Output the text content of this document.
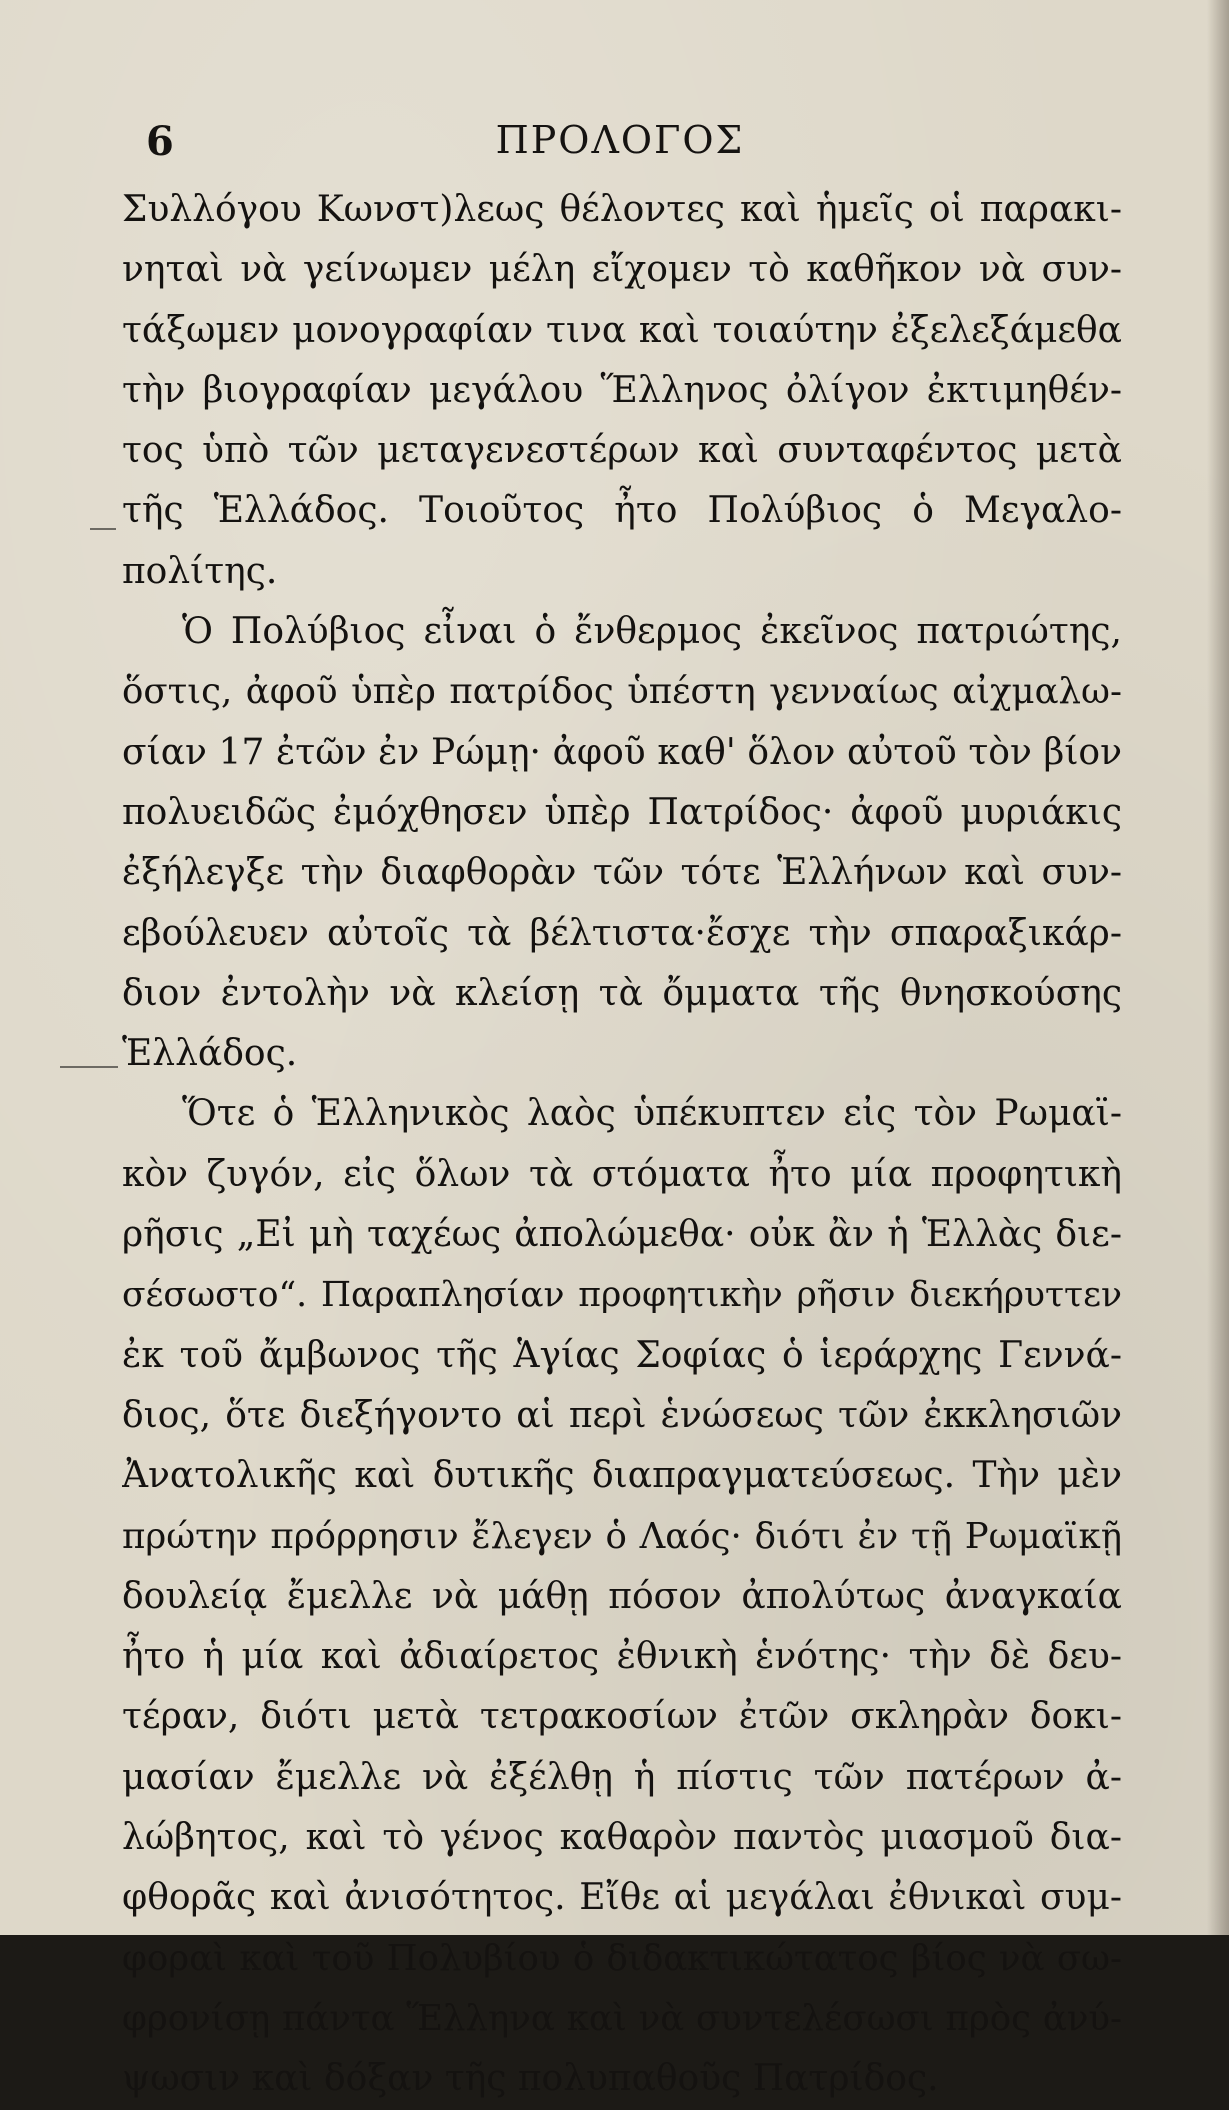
6	ΠΡΟΛΟΓΟΣ
Συλλόγου Κωνστ)λεως θέλοντες καὶ ἡμεῖς οἱ παρακι-
νηταὶ νὰ γείνωμεν μέλη εἴχομεν τὸ καθῆκον νὰ συν-
τάξωμεν μονογραφίαν τινα καὶ τοιαύτην ἐξελεξάμεθα
τὴν βιογραφίαν μεγάλου Ἕλληνος ὀλίγον ἐκτιμηθέν-
τος ὑπὸ τῶν μεταγενεστέρων καὶ συνταφέντος μετὰ
τῆς Ἑλλάδος. Τοιοῦτος ἦτο Πολύβιος ὁ Μεγαλο-
πολίτης.
Ὁ Πολύβιος εἶναι ὁ ἔνθερμος ἐκεῖνος πατριώτης,
ὅστις, ἀφοῦ ὑπὲρ πατρίδος ὑπέστη γενναίως αἰχμαλω-
σίαν 17 ἐτῶν ἐν Ρώμῃ· ἀφοῦ καθ' ὅλον αὐτοῦ τὸν βίον
πολυειδῶς ἐμόχθησεν ὑπὲρ Πατρίδος· ἀφοῦ μυριάκις
ἐξήλεγξε τὴν διαφθορὰν τῶν τότε Ἑλλήνων καὶ συν-
εβούλευεν αὐτοῖς τὰ βέλτιστα·ἔσχε τὴν σπαραξικάρ-
διον ἐντολὴν νὰ κλείσῃ τὰ ὄμματα τῆς θνησκούσης
Ἑλλάδος.
Ὅτε ὁ Ἑλληνικὸς λαὸς ὑπέκυπτεν εἰς τὸν Ρωμαϊ-
κὸν ζυγόν, εἰς ὅλων τὰ στόματα ἦτο μία προφητικὴ
ρῆσις „Εἰ μὴ ταχέως ἀπολώμεθα· οὐκ ἂν ἡ Ἑλλὰς διε-
σέσωστο“. Παραπλησίαν προφητικὴν ρῆσιν διεκήρυττεν
ἐκ τοῦ ἄμβωνος τῆς Ἁγίας Σοφίας ὁ ἱεράρχης Γεννά-
διος, ὅτε διεξήγοντο αἱ περὶ ἑνώσεως τῶν ἐκκλησιῶν
Ἀνατολικῆς καὶ δυτικῆς διαπραγματεύσεως. Τὴν μὲν
πρώτην πρόρρησιν ἔλεγεν ὁ Λαός· διότι ἐν τῇ Ρωμαϊκῇ
δουλείᾳ ἔμελλε νὰ μάθῃ πόσον ἀπολύτως ἀναγκαία
ἦτο ἡ μία καὶ ἀδιαίρετος ἐθνικὴ ἑνότης· τὴν δὲ δευ-
τέραν, διότι μετὰ τετρακοσίων ἐτῶν σκληρὰν δοκι-
μασίαν ἔμελλε νὰ ἐξέλθῃ ἡ πίστις τῶν πατέρων ἀ-
λώβητος, καὶ τὸ γένος καθαρὸν παντὸς μιασμοῦ δια-
φθορᾶς καὶ ἀνισότητος. Εἴθε αἱ μεγάλαι ἐθνικαὶ συμ-
φοραὶ καὶ τοῦ Πολυβίου ὁ διδακτικώτατος βίος νὰ σω-
φρονίσῃ πάντα Ἕλληνα καὶ νὰ συντελέσωσι πρὸς ἀνύ-
ψωσιν καὶ δόξαν τῆς πολυπαθοῦς Πατρίδος.
